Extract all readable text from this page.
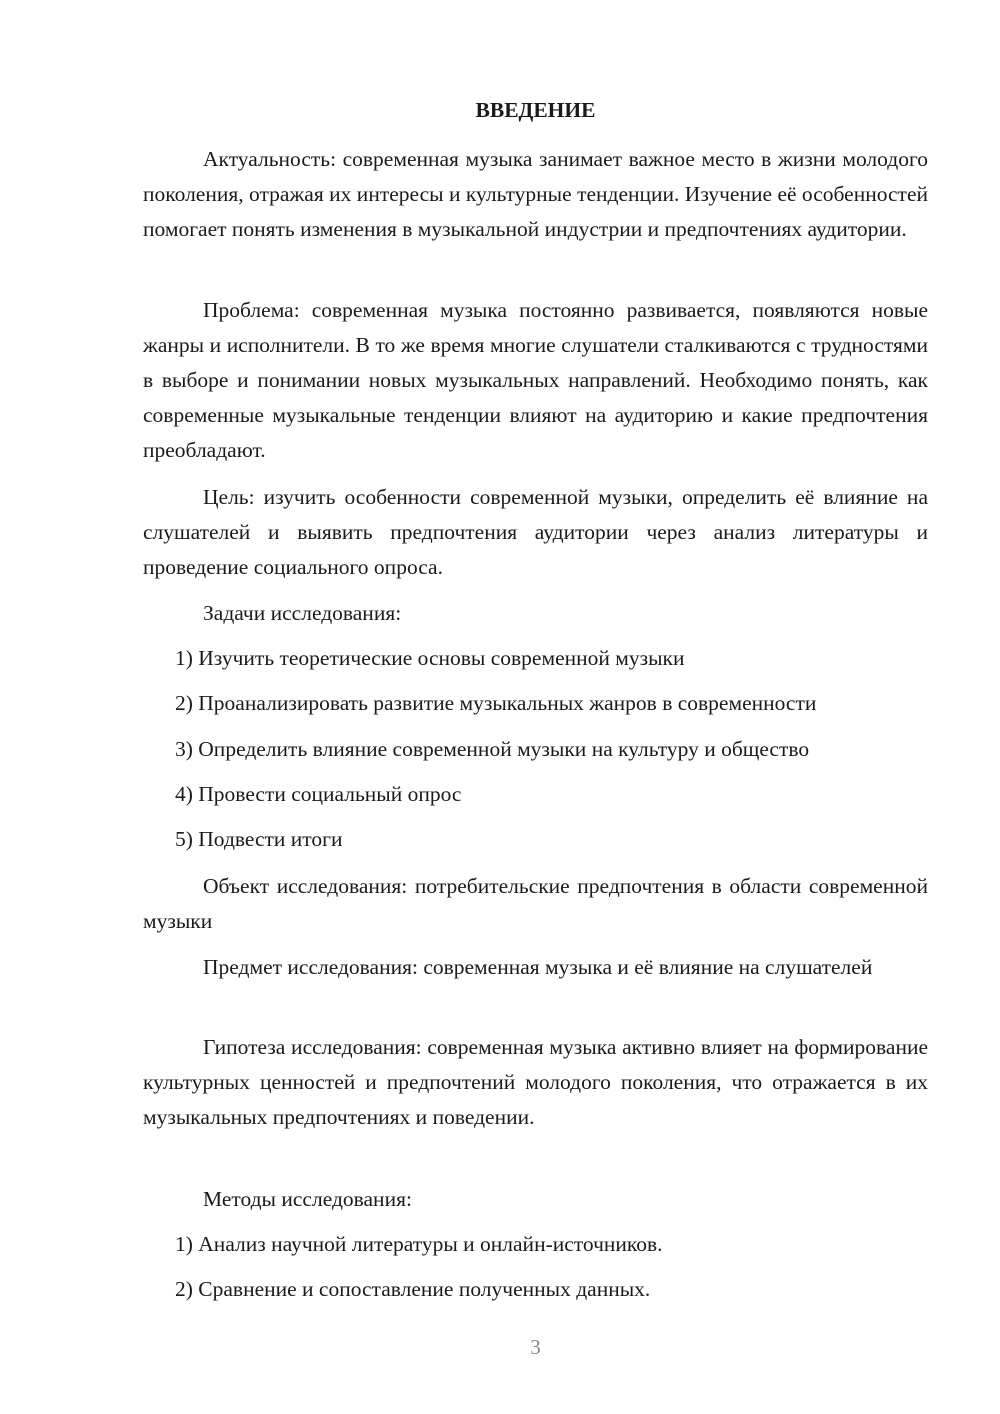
ВВЕДЕНИЕ

Актуальность: современная музыка занимает важное место в жизни молодого поколения, отражая их интересы и культурные тенденции. Изучение её особенностей помогает понять изменения в музыкальной индустрии и предпочтениях аудитории.

Проблема: современная музыка постоянно развивается, появляются новые жанры и исполнители. В то же время многие слушатели сталкиваются с трудностями в выборе и понимании новых музыкальных направлений. Необходимо понять, как современные музыкальные тенденции влияют на аудиторию и какие предпочтения преобладают.

Цель: изучить особенности современной музыки, определить её влияние на слушателей и выявить предпочтения аудитории через анализ литературы и проведение социального опроса.

Задачи исследования:

1) Изучить теоретические основы современной музыки

2) Проанализировать развитие музыкальных жанров в современности

3) Определить влияние современной музыки на культуру и общество

4) Провести социальный опрос

5) Подвести итоги

Объект исследования: потребительские предпочтения в области современной музыки

Предмет исследования: современная музыка и её влияние на слушателей

Гипотеза исследования: современная музыка активно влияет на формирование культурных ценностей и предпочтений молодого поколения, что отражается в их музыкальных предпочтениях и поведении.

Методы исследования:

1) Анализ научной литературы и онлайн-источников.

2) Сравнение и сопоставление полученных данных.

3
